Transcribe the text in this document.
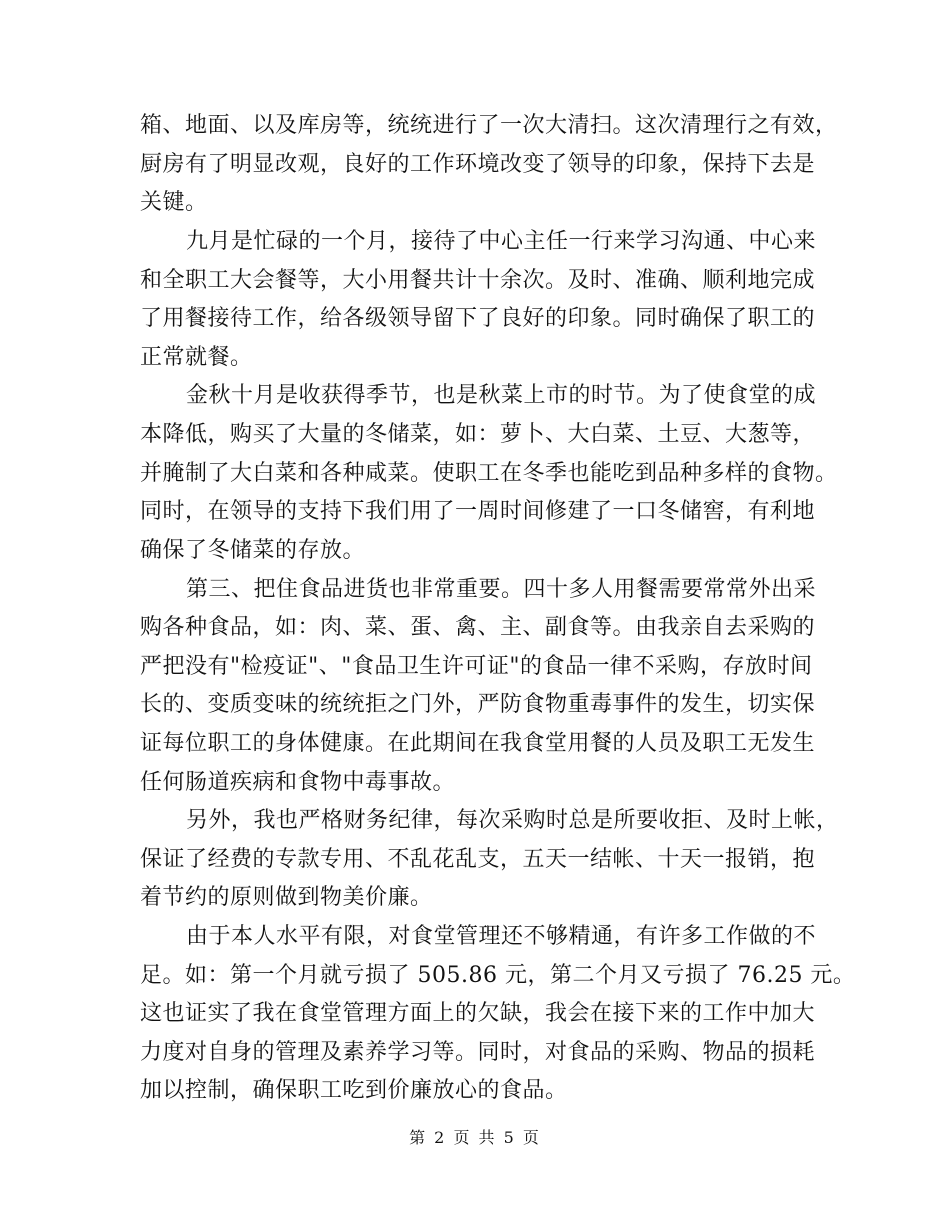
箱、地面、以及库房等，统统进行了一次大清扫。这次清理行之有效，
厨房有了明显改观，良好的工作环境改变了领导的印象，保持下去是
关键。
九月是忙碌的一个月，接待了中心主任一行来学习沟通、中心来
和全职工大会餐等，大小用餐共计十余次。及时、准确、顺利地完成
了用餐接待工作，给各级领导留下了良好的印象。同时确保了职工的
正常就餐。
金秋十月是收获得季节，也是秋菜上市的时节。为了使食堂的成
本降低，购买了大量的冬储菜，如：萝卜、大白菜、土豆、大葱等，
并腌制了大白菜和各种咸菜。使职工在冬季也能吃到品种多样的食物。
同时，在领导的支持下我们用了一周时间修建了一口冬储窖，有利地
确保了冬储菜的存放。
第三、把住食品进货也非常重要。四十多人用餐需要常常外出采
购各种食品，如：肉、菜、蛋、禽、主、副食等。由我亲自去采购的
严把没有"检疫证"、"食品卫生许可证"的食品一律不采购，存放时间
长的、变质变味的统统拒之门外，严防食物重毒事件的发生，切实保
证每位职工的身体健康。在此期间在我食堂用餐的人员及职工无发生
任何肠道疾病和食物中毒事故。
另外，我也严格财务纪律，每次采购时总是所要收拒、及时上帐，
保证了经费的专款专用、不乱花乱支，五天一结帐、十天一报销，抱
着节约的原则做到物美价廉。
由于本人水平有限，对食堂管理还不够精通，有许多工作做的不
足。如：第一个月就亏损了 505.86 元，第二个月又亏损了 76.25 元。
这也证实了我在食堂管理方面上的欠缺，我会在接下来的工作中加大
力度对自身的管理及素养学习等。同时，对食品的采购、物品的损耗
加以控制，确保职工吃到价廉放心的食品。
第 2 页 共 5 页
